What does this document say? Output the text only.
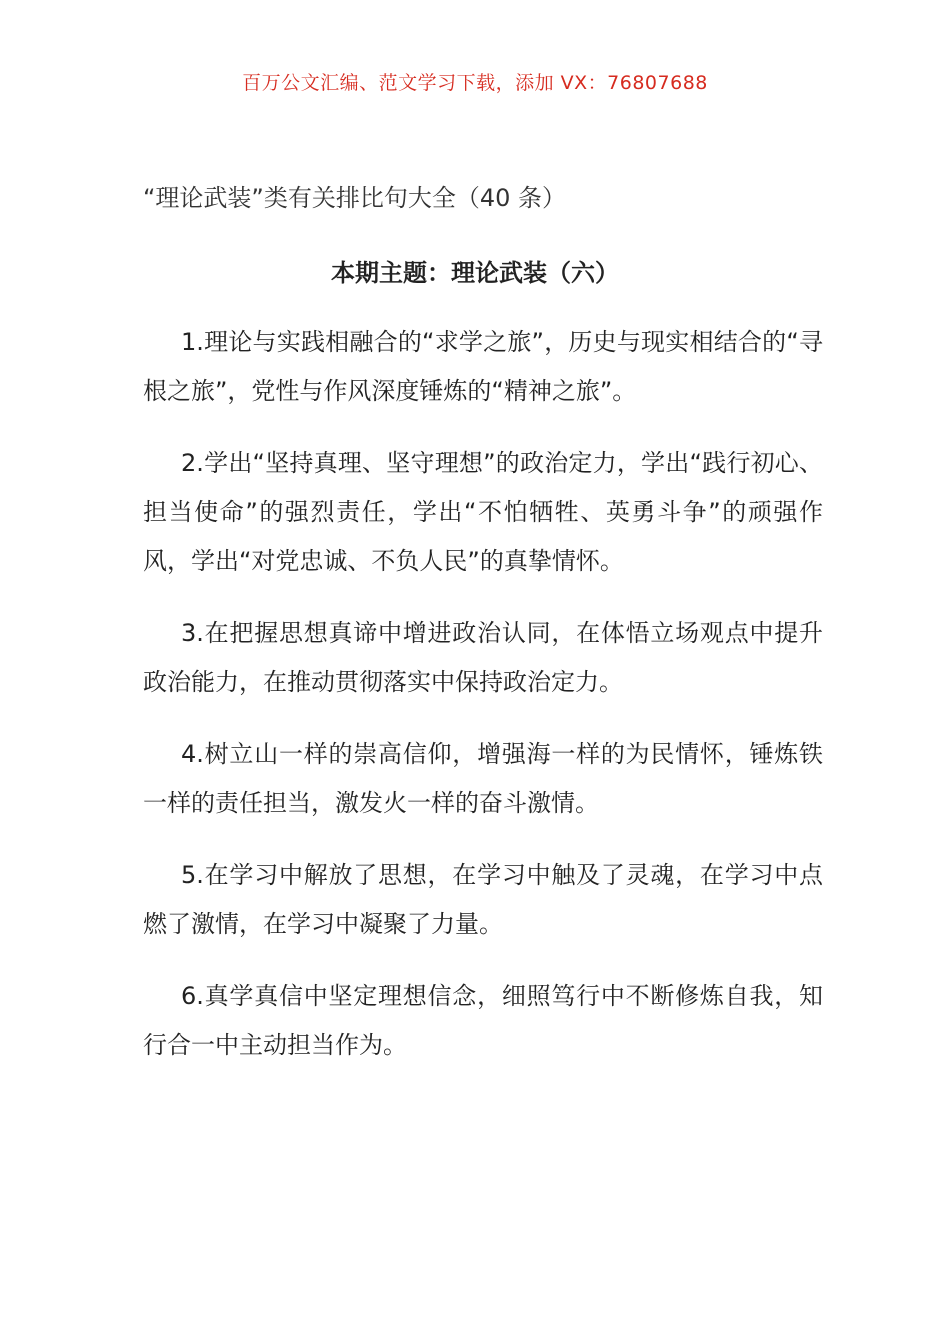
百万公文汇编、范文学习下载，添加 VX：76807688
“理论武装”类有关排比句大全（40 条）
本期主题：理论武装（六）

1.理论与实践相融合的“求学之旅”，历史与现实相结合的“寻根之旅”，党性与作风深度锤炼的“精神之旅”。

2.学出“坚持真理、坚守理想”的政治定力，学出“践行初心、担当使命”的强烈责任，学出“不怕牺牲、英勇斗争”的顽强作风，学出“对党忠诚、不负人民”的真挚情怀。

3.在把握思想真谛中增进政治认同，在体悟立场观点中提升政治能力，在推动贯彻落实中保持政治定力。

4.树立山一样的崇高信仰，增强海一样的为民情怀，锤炼铁一样的责任担当，激发火一样的奋斗激情。

5.在学习中解放了思想，在学习中触及了灵魂，在学习中点燃了激情，在学习中凝聚了力量。

6.真学真信中坚定理想信念，细照笃行中不断修炼自我，知行合一中主动担当作为。
